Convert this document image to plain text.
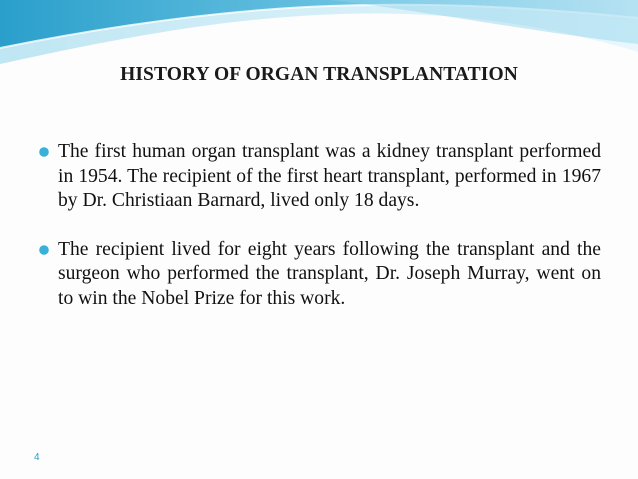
HISTORY OF ORGAN TRANSPLANTATION
The first human organ transplant was a kidney transplant performed in 1954. The recipient of the first heart transplant, performed in 1967 by Dr. Christiaan Barnard, lived only 18 days.
The recipient lived for eight years following the transplant and the surgeon who performed the transplant, Dr. Joseph Murray, went on to win the Nobel Prize for this work.
4
